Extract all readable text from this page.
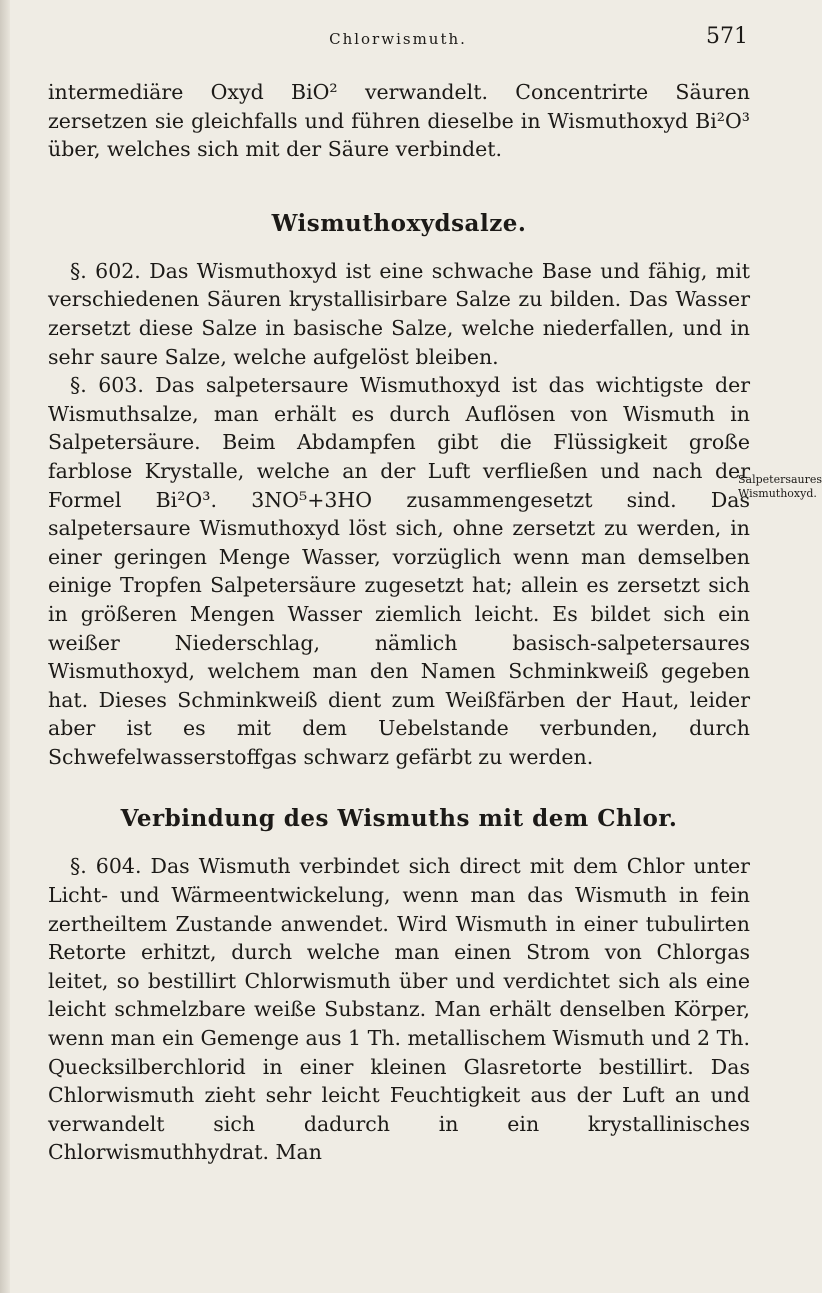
Chlorwismuth.	571

intermediäre Oxyd BiO² verwandelt. Concentrirte Säuren zersetzen sie gleichfalls und führen dieselbe in Wismuthoxyd Bi²O³ über, welches sich mit der Säure verbindet.

Wismuthoxydsalze.

§. 602. Das Wismuthoxyd ist eine schwache Base und fähig, mit verschiedenen Säuren krystallisirbare Salze zu bilden. Das Wasser zersetzt diese Salze in basische Salze, welche niederfallen, und in sehr saure Salze, welche aufgelöst bleiben.

§. 603. Das salpetersaure Wismuthoxyd ist das wichtigste der Wismuthsalze, man erhält es durch Auflösen von Wismuth in Salpetersäure. Beim Abdampfen gibt die Flüssigkeit große farblose Krystalle, welche an der Luft verfließen und nach der Formel Bi²O³. 3NO⁵+3HO zusammengesetzt sind. Das salpetersaure Wismuthoxyd löst sich, ohne zersetzt zu werden, in einer geringen Menge Wasser, vorzüglich wenn man demselben einige Tropfen Salpetersäure zugesetzt hat; allein es zersetzt sich in größeren Mengen Wasser ziemlich leicht. Es bildet sich ein weißer Niederschlag, nämlich basisch-salpetersaures Wismuthoxyd, welchem man den Namen Schminkweiß gegeben hat. Dieses Schminkweiß dient zum Weißfärben der Haut, leider aber ist es mit dem Uebelstande verbunden, durch Schwefelwasserstoffgas schwarz gefärbt zu werden.

Salpetersaures Wismuthoxyd.
Verbindung des Wismuths mit dem Chlor.

§. 604. Das Wismuth verbindet sich direct mit dem Chlor unter Licht- und Wärmeentwickelung, wenn man das Wismuth in fein zertheiltem Zustande anwendet. Wird Wismuth in einer tubulirten Retorte erhitzt, durch welche man einen Strom von Chlorgas leitet, so bestillirt Chlorwismuth über und verdichtet sich als eine leicht schmelzbare weiße Substanz. Man erhält denselben Körper, wenn man ein Gemenge aus 1 Th. metallischem Wismuth und 2 Th. Quecksilberchlorid in einer kleinen Glasretorte bestillirt. Das Chlorwismuth zieht sehr leicht Feuchtigkeit aus der Luft an und verwandelt sich dadurch in ein krystallinisches Chlorwismuthhydrat. Man
